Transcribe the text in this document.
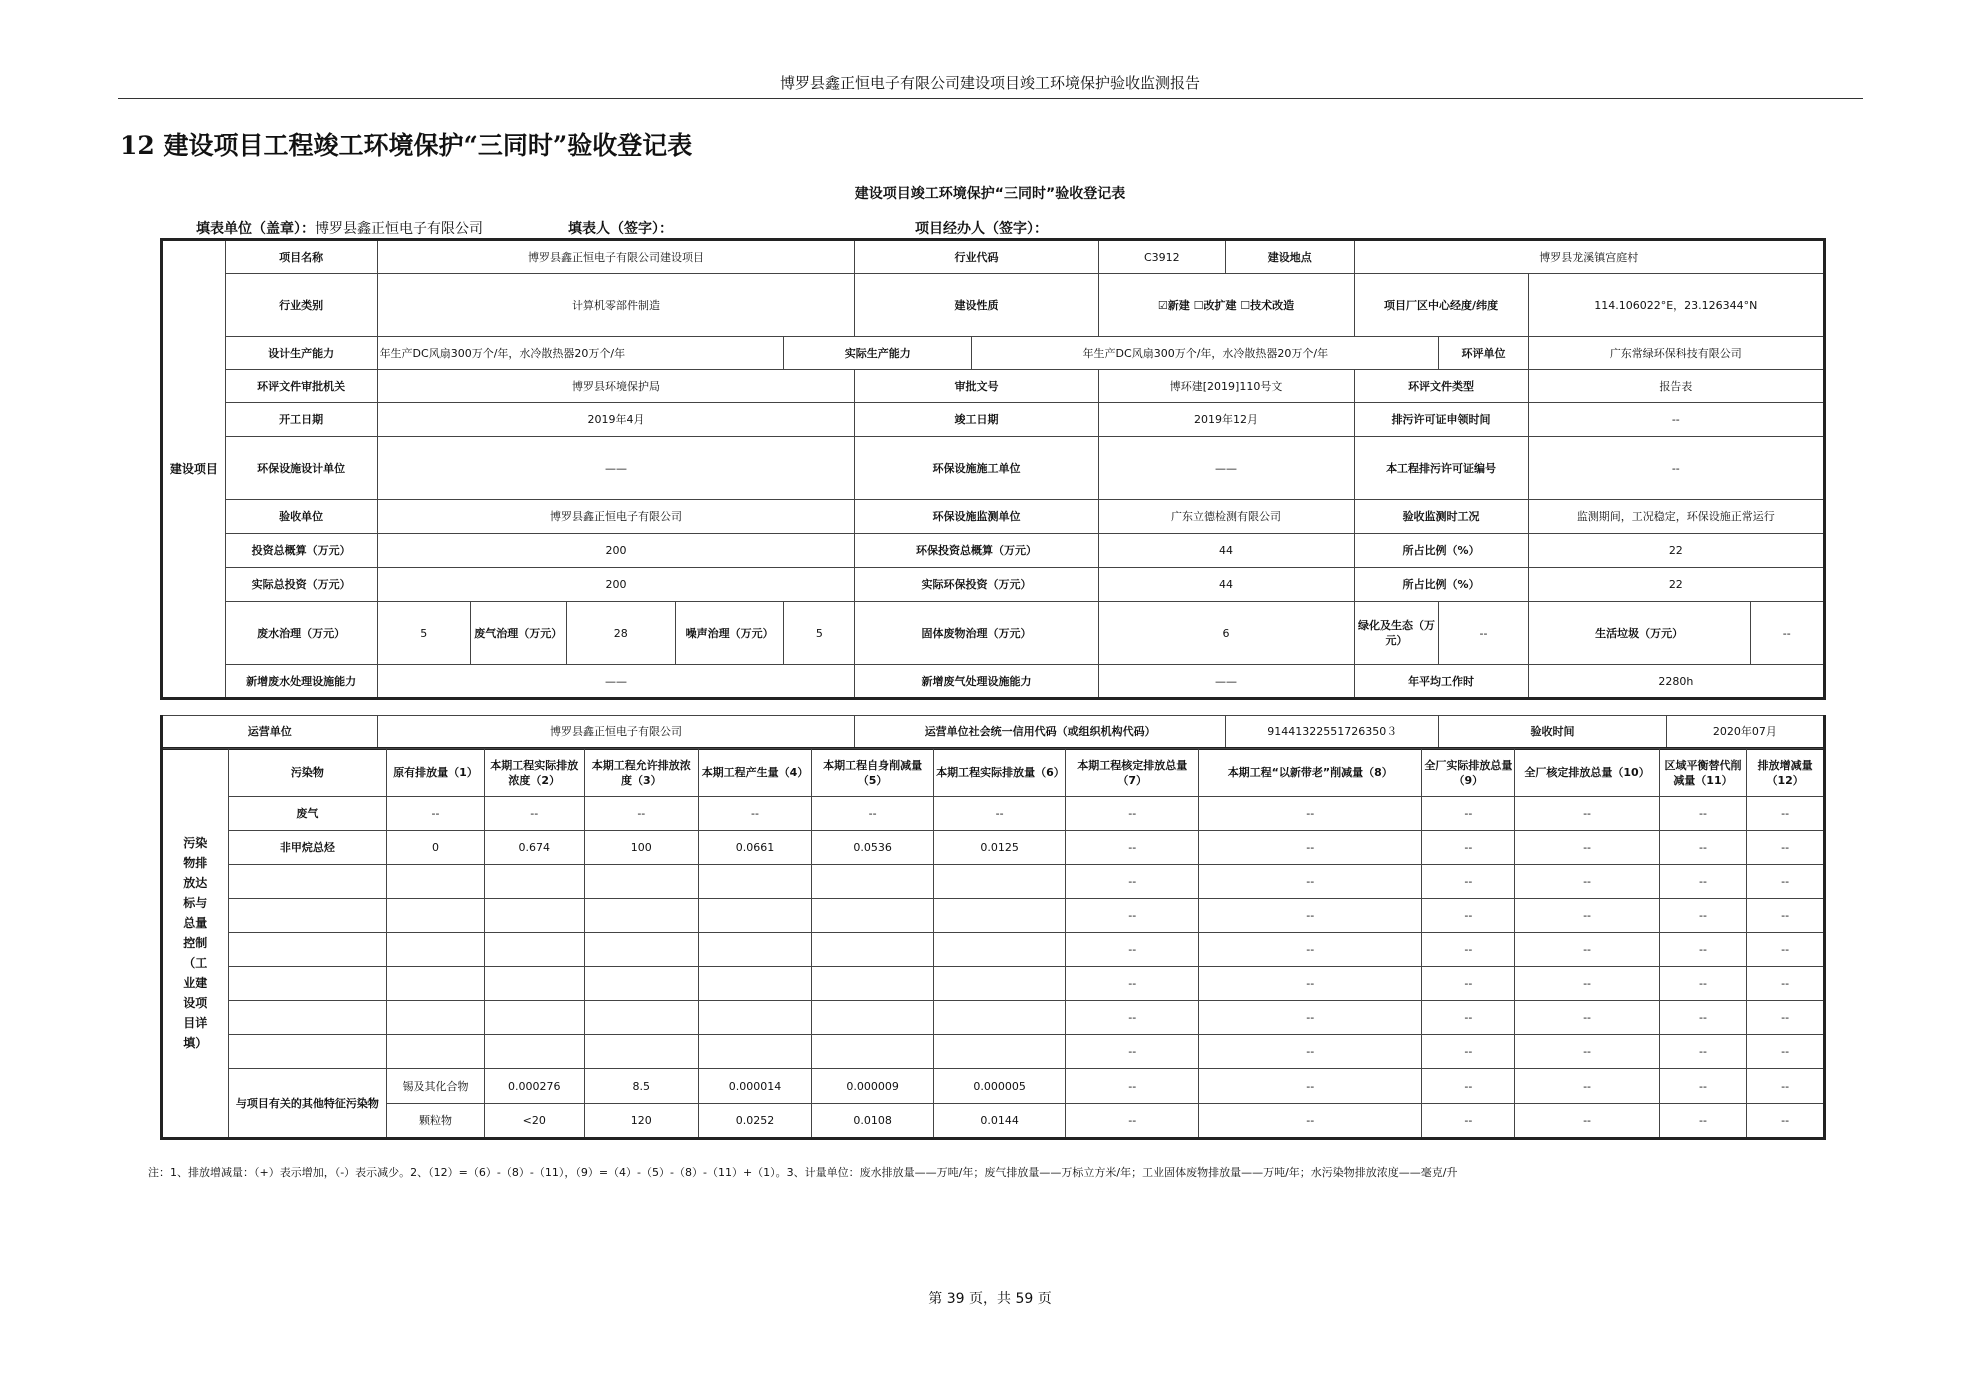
博罗县鑫正恒电子有限公司建设项目竣工环境保护验收监测报告
12 建设项目工程竣工环境保护“三同时”验收登记表
建设项目竣工环境保护“三同时”验收登记表
填表单位（盖章）：博罗县鑫正恒电子有限公司	填表人（签字）：	项目经办人（签字）：
建设项目	项目名称	博罗县鑫正恒电子有限公司建设项目					行业代码		C3912	建设地点	博罗县龙溪镇宫庭村			
	行业类别	计算机零部件制造					建设性质		☑新建 ☐改扩建 ☐技术改造		项目厂区中心经度/纬度		114.106022°E，23.126344°N	
	设计生产能力	年生产DC风扇300万个/年，水冷散热器20万个/年				实际生产能力		年生产DC风扇300万个/年，水冷散热器20万个/年				环评单位	广东常绿环保科技有限公司	
	环评文件审批机关	博罗县环境保护局					审批文号		博环建[2019]110号文		环评文件类型		报告表	
	开工日期	2019年4月					竣工日期		2019年12月		排污许可证申领时间		--	
	环保设施设计单位	——					环保设施施工单位		——		本工程排污许可证编号		--	
	验收单位	博罗县鑫正恒电子有限公司					环保设施监测单位		广东立德检测有限公司		验收监测时工况		监测期间，工况稳定，环保设施正常运行	
	投资总概算（万元）	200					环保投资总概算（万元）		44		所占比例（%）		22	
	实际总投资（万元）	200					实际环保投资（万元）		44		所占比例（%）		22	
	废水治理（万元）	5	废气治理（万元）	28	噪声治理（万元）	5	固体废物治理（万元）		6		绿化及生态（万元）	--	生活垃圾（万元）	--
	新增废水处理设施能力	——					新增废气处理设施能力		——		年平均工作时		2280h	
运营单位	博罗县鑫正恒电子有限公司	运营单位社会统一信用代码（或组织机构代码）	91441322551726350３	验收时间	2020年07月
污染物排放达标与总量控制（工业建设项目详填）	污染物	原有排放量（1）	本期工程实际排放浓度（2）	本期工程允许排放浓度（3）	本期工程产生量（4）	本期工程自身削减量（5）	本期工程实际排放量（6）	本期工程核定排放总量（7）	本期工程“以新带老”削减量（8）	全厂实际排放总量（9）	全厂核定排放总量（10）	区域平衡替代削减量（11）	排放增减量（12）
	废气	--	--	--	--	--	--	--	--	--	--	--	--
	非甲烷总烃	0	0.674	100	0.0661	0.0536	0.0125	--	--	--	--	--	--
								--	--	--	--	--	--
								--	--	--	--	--	--
								--	--	--	--	--	--
								--	--	--	--	--	--
								--	--	--	--	--	--
								--	--	--	--	--	--
	与项目有关的其他特征污染物	锡及其化合物	0.000276	8.5	0.000014	0.000009	0.000005	--	--	--	--	--	--
		颗粒物	<20	120	0.0252	0.0108	0.0144	--	--	--	--	--	--
注：1、排放增减量：（+）表示增加，（-）表示减少。2、（12）=（6）-（8）-（11），（9）=（4）-（5）-（8）-（11）+（1）。3、计量单位：废水排放量——万吨/年；废气排放量——万标立方米/年；工业固体废物排放量——万吨/年；水污染物排放浓度——毫克/升
第 39 页，共 59 页
